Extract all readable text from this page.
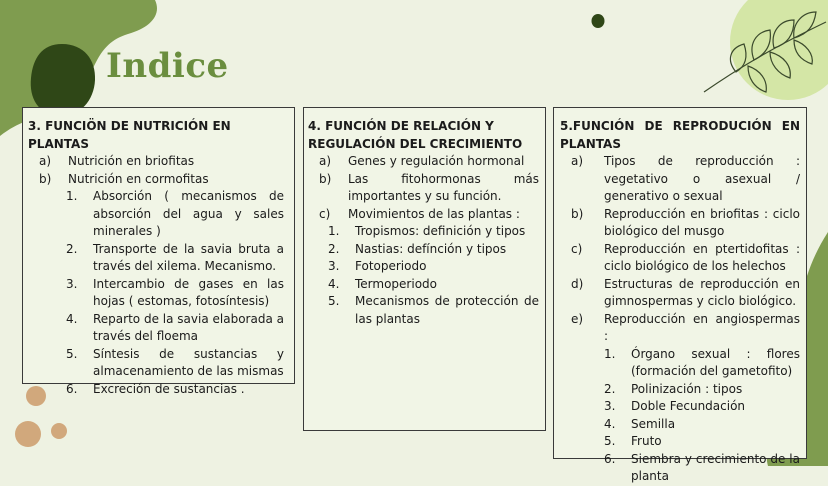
Indice
3. FUNCIÖN DE NUTRICIÓN EN PLANTAS
a)	Nutrición en briofitas
b)	Nutrición en cormofitas
1.	Absorción ( mecanismos de absorción del agua y sales minerales )
2.	Transporte de la savia bruta a través del xilema. Mecanismo.
3.	Intercambio de gases en las hojas ( estomas, fotosíntesis)
4.	Reparto de la savia elaborada a través del floema
5.	Síntesis de sustancias y almacenamiento de las mismas
6.	Excreción de sustancias .
4. FUNCIÓN DE RELACIÓN Y REGULACIÓN DEL CRECIMIENTO
a)	Genes y regulación hormonal
b)	Las fitohormonas más importantes y su función.
c)	Movimientos de las plantas :
1.	Tropismos: definición y tipos
2.	Nastias: defínción y tipos
3.	Fotoperiodo
4.	Termoperiodo
5.	Mecanismos de protección de las plantas
5.FUNCIÓN DE REPRODUCIÓN EN PLANTAS
a)	Tipos de reproducción : vegetativo o asexual / generativo o sexual
b)	Reproducción en briofitas : ciclo biológico del musgo
c)	Reproducción en ptertidofitas : ciclo biológico de los helechos
d)	Estructuras de reproducción en gimnospermas y ciclo biológico.
e)	Reproducción en angiospermas :
1.	Órgano sexual : flores (formación del gametofito)
2.	Polinización : tipos
3.	Doble Fecundación
4.	Semilla
5.	Fruto
6.	Siembra y crecimiento de la planta
